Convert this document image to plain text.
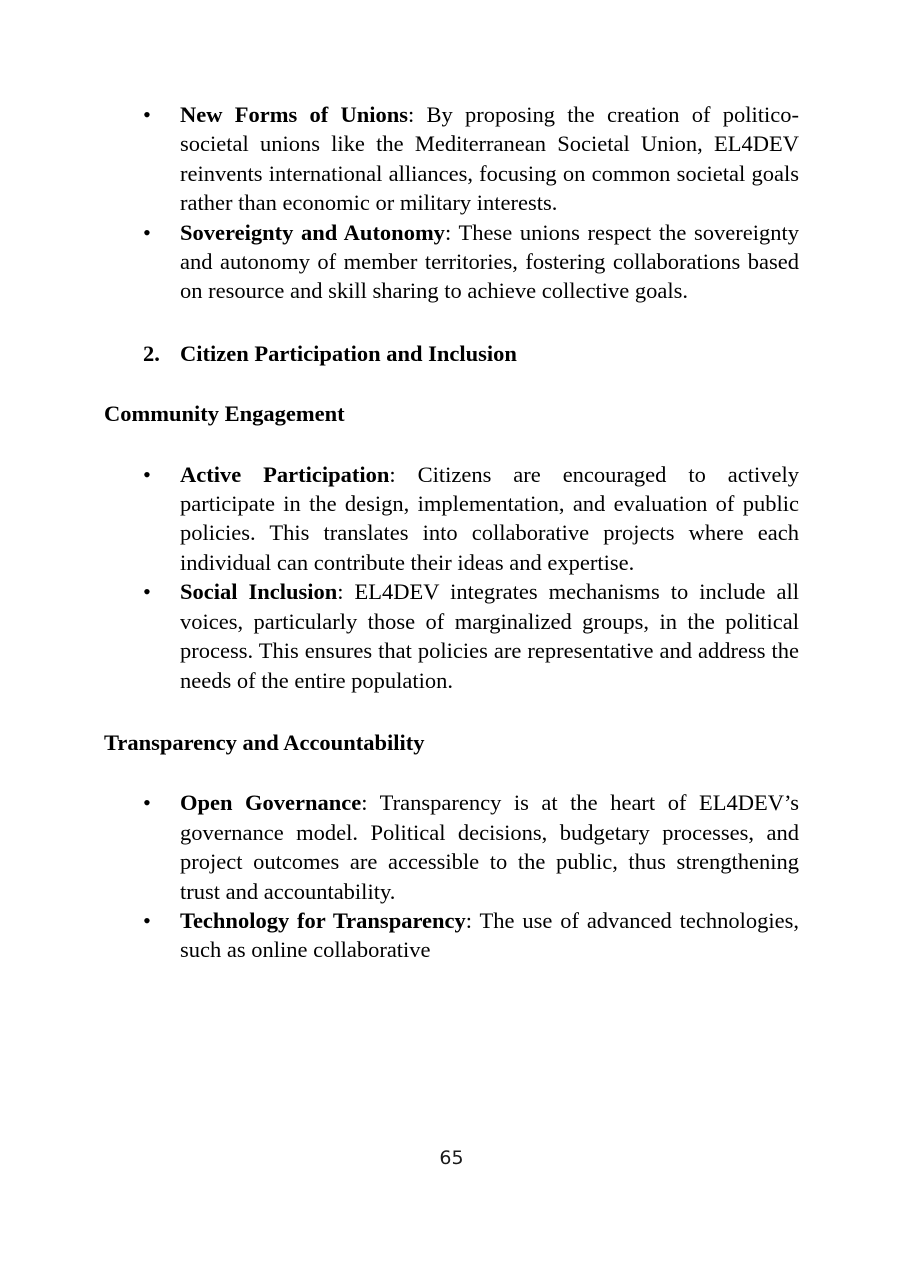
• New Forms of Unions: By proposing the creation of politico-societal unions like the Mediterranean Societal Union, EL4DEV reinvents international alliances, focusing on common societal goals rather than economic or military interests.
• Sovereignty and Autonomy: These unions respect the sovereignty and autonomy of member territories, fostering collaborations based on resource and skill sharing to achieve collective goals.
2. Citizen Participation and Inclusion
Community Engagement
• Active Participation: Citizens are encouraged to actively participate in the design, implementation, and evaluation of public policies. This translates into collaborative projects where each individual can contribute their ideas and expertise.
• Social Inclusion: EL4DEV integrates mechanisms to include all voices, particularly those of marginalized groups, in the political process. This ensures that policies are representative and address the needs of the entire population.
Transparency and Accountability
• Open Governance: Transparency is at the heart of EL4DEV’s governance model. Political decisions, budgetary processes, and project outcomes are accessible to the public, thus strengthening trust and accountability.
• Technology for Transparency: The use of advanced technologies, such as online collaborative
65
